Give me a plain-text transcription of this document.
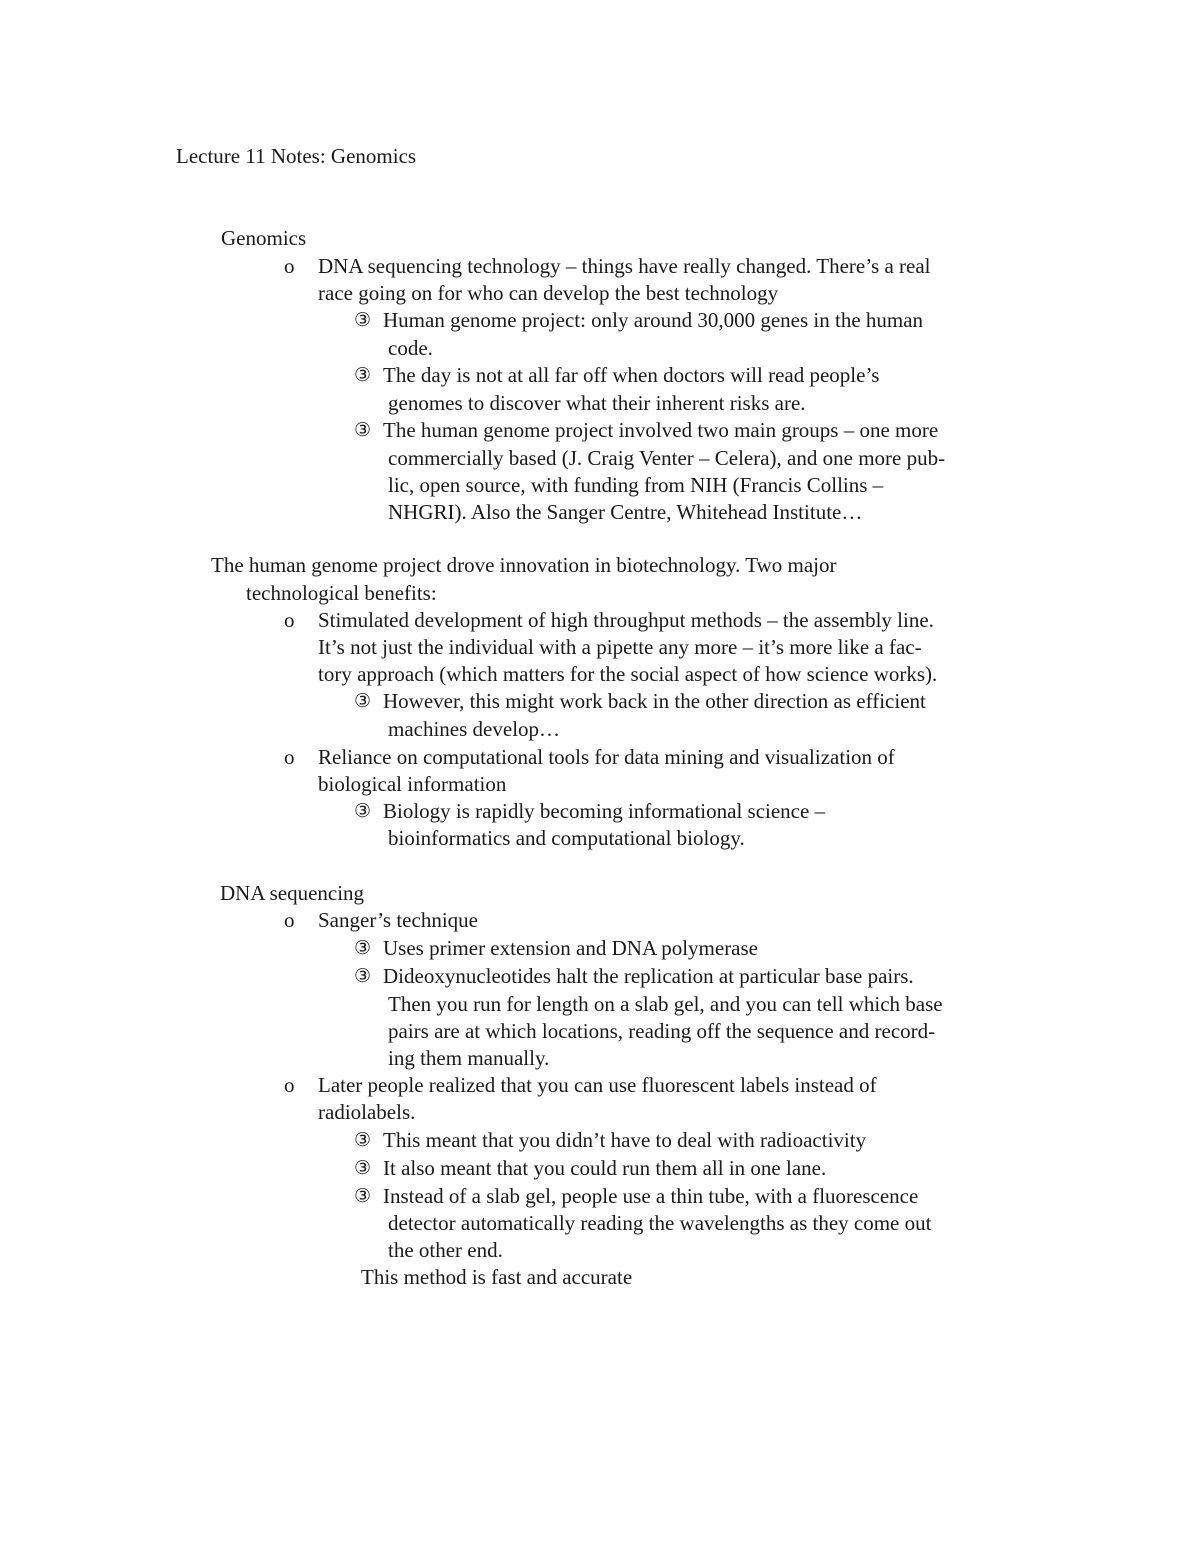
Lecture 11 Notes: Genomics
Genomics
o DNA sequencing technology – things have really changed. There’s a real
race going on for who can develop the best technology
③ Human genome project: only around 30,000 genes in the human
code.
③ The day is not at all far off when doctors will read people’s
genomes to discover what their inherent risks are.
③ The human genome project involved two main groups – one more
commercially based (J. Craig Venter – Celera), and one more pub-
lic, open source, with funding from NIH (Francis Collins –
NHGRI). Also the Sanger Centre, Whitehead Institute…
The human genome project drove innovation in biotechnology. Two major
technological benefits:
o Stimulated development of high throughput methods – the assembly line.
It’s not just the individual with a pipette any more – it’s more like a fac-
tory approach (which matters for the social aspect of how science works).
③ However, this might work back in the other direction as efficient
machines develop…
o Reliance on computational tools for data mining and visualization of
biological information
③ Biology is rapidly becoming informational science –
bioinformatics and computational biology.
DNA sequencing
o Sanger’s technique
③ Uses primer extension and DNA polymerase
③ Dideoxynucleotides halt the replication at particular base pairs.
Then you run for length on a slab gel, and you can tell which base
pairs are at which locations, reading off the sequence and record-
ing them manually.
o Later people realized that you can use fluorescent labels instead of
radiolabels.
③ This meant that you didn’t have to deal with radioactivity
③ It also meant that you could run them all in one lane.
③ Instead of a slab gel, people use a thin tube, with a fluorescence
detector automatically reading the wavelengths as they come out
the other end.
This method is fast and accurate
